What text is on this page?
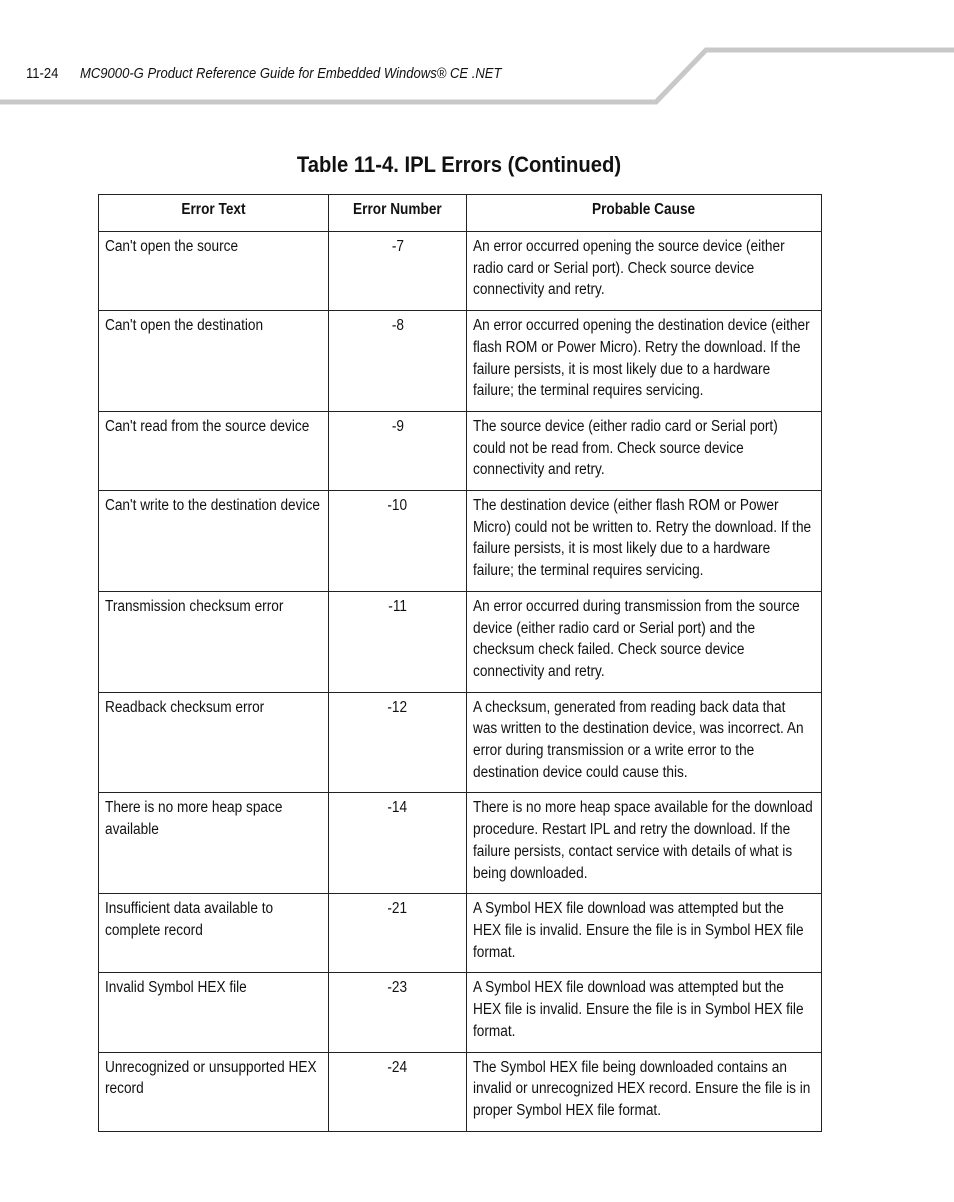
11-24 MC9000-G Product Reference Guide for Embedded Windows® CE .NET
Table 11-4. IPL Errors (Continued)
Error Text	Error Number	Probable Cause
Can't open the source	-7	An error occurred opening the source device (either radio card or Serial port). Check source device connectivity and retry.
Can't open the destination	-8	An error occurred opening the destination device (either flash ROM or Power Micro). Retry the download. If the failure persists, it is most likely due to a hardware failure; the terminal requires servicing.
Can't read from the source device	-9	The source device (either radio card or Serial port) could not be read from. Check source device connectivity and retry.
Can't write to the destination device	-10	The destination device (either flash ROM or Power Micro) could not be written to. Retry the download. If the failure persists, it is most likely due to a hardware failure; the terminal requires servicing.
Transmission checksum error	-11	An error occurred during transmission from the source device (either radio card or Serial port) and the checksum check failed. Check source device connectivity and retry.
Readback checksum error	-12	A checksum, generated from reading back data that was written to the destination device, was incorrect. An error during transmission or a write error to the destination device could cause this.
There is no more heap space available	-14	There is no more heap space available for the download procedure. Restart IPL and retry the download. If the failure persists, contact service with details of what is being downloaded.
Insufficient data available to complete record	-21	A Symbol HEX file download was attempted but the HEX file is invalid. Ensure the file is in Symbol HEX file format.
Invalid Symbol HEX file	-23	A Symbol HEX file download was attempted but the HEX file is invalid. Ensure the file is in Symbol HEX file format.
Unrecognized or unsupported HEX record	-24	The Symbol HEX file being downloaded contains an invalid or unrecognized HEX record. Ensure the file is in proper Symbol HEX file format.
